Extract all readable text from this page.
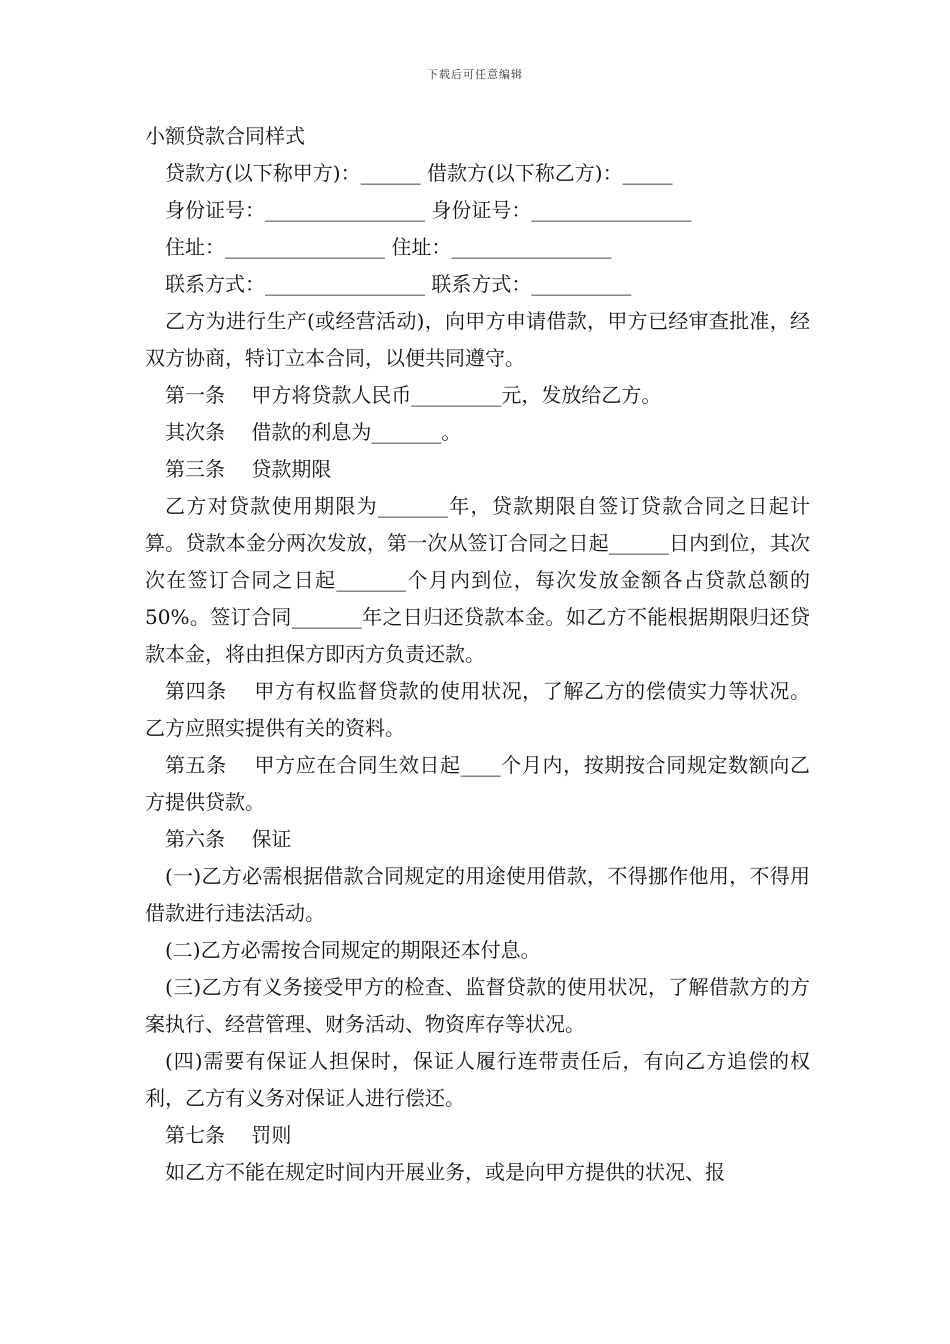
下载后可任意编辑
小额贷款合同样式
贷款方(以下称甲方)：______ 借款方(以下称乙方)：_____
身份证号：________________ 身份证号：________________
住址：________________ 住址：________________
联系方式：________________ 联系方式：__________
乙方为进行生产(或经营活动)，向甲方申请借款，甲方已经审查批准，经双方协商，特订立本合同，以便共同遵守。
第一条　 甲方将贷款人民币_________元，发放给乙方。
其次条　 借款的利息为_______。
第三条　 贷款期限
乙方对贷款使用期限为_______年，贷款期限自签订贷款合同之日起计算。贷款本金分两次发放，第一次从签订合同之日起______日内到位，其次次在签订合同之日起_______个月内到位，每次发放金额各占贷款总额的50%。签订合同_______年之日归还贷款本金。如乙方不能根据期限归还贷款本金，将由担保方即丙方负责还款。
第四条　 甲方有权监督贷款的使用状况，了解乙方的偿债实力等状况。乙方应照实提供有关的资料。
第五条　 甲方应在合同生效日起____个月内，按期按合同规定数额向乙方提供贷款。
第六条　 保证
(一)乙方必需根据借款合同规定的用途使用借款，不得挪作他用，不得用借款进行违法活动。
(二)乙方必需按合同规定的期限还本付息。
(三)乙方有义务接受甲方的检查、监督贷款的使用状况，了解借款方的方案执行、经营管理、财务活动、物资库存等状况。
(四)需要有保证人担保时，保证人履行连带责任后，有向乙方追偿的权利，乙方有义务对保证人进行偿还。
第七条　 罚则
如乙方不能在规定时间内开展业务，或是向甲方提供的状况、报
